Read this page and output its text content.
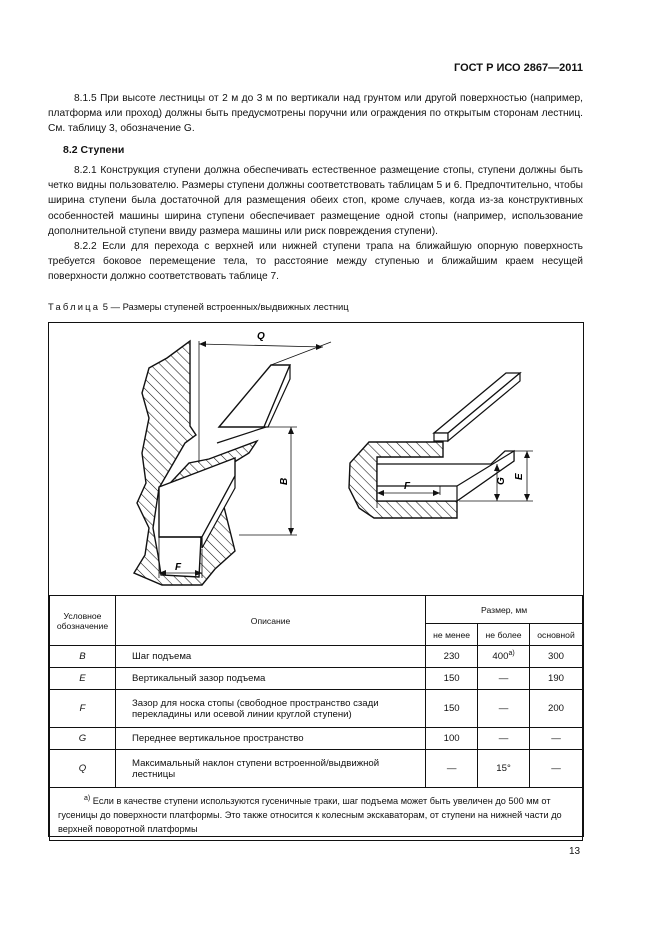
ГОСТ Р ИСО 2867—2011
8.1.5 При высоте лестницы от 2 м до 3 м по вертикали над грунтом или другой поверхностью (например, платформа или проход) должны быть предусмотрены поручни или ограждения по открытым сторонам лестниц. См. таблицу 3, обозначение G.
8.2 Ступени
8.2.1 Конструкция ступени должна обеспечивать естественное размещение стопы, ступени должны быть четко видны пользователю. Размеры ступени должны соответствовать таблицам 5 и 6. Предпочтительно, чтобы ширина ступени была достаточной для размещения обеих стоп, кроме случаев, когда из-за конструктивных особенностей машины ширина ступени обеспечивает размещение одной стопы (например, использование дополнительной ступени ввиду размера машины или риск повреждения ступени).
8.2.2 Если для перехода с верхней или нижней ступени трапа на ближайшую опорную поверхность требуется боковое перемещение тела, то расстояние между ступенью и ближайшим краем несущей поверхности должно соответствовать таблице 7.
Таблица 5 — Размеры ступеней встроенных/выдвижных лестниц
Q
B
F
F	G
E
Условное обозначение	Описание	Размер, мм		
		не менее	не более	основной
B	Шаг подъема	230	400$^{a)}$	300
E	Вертикальный зазор подъема	150	—	190
F	Зазор для носка стопы (свободное пространство сзади перекладины или осевой линии круглой ступени)	150	—	200
G	Переднее вертикальное пространство	100	—	—
Q	Максимальный наклон ступени встроенной/выдвижной лестницы	—	15°	—
$^{a)}$ Если в качестве ступени используются гусеничные траки, шаг подъема может быть увеличен до 500 мм от гусеницы до поверхности платформы. Это также относится к колесным экскаваторам, от ступени на нижней части до верхней поворотной платформы				
13
